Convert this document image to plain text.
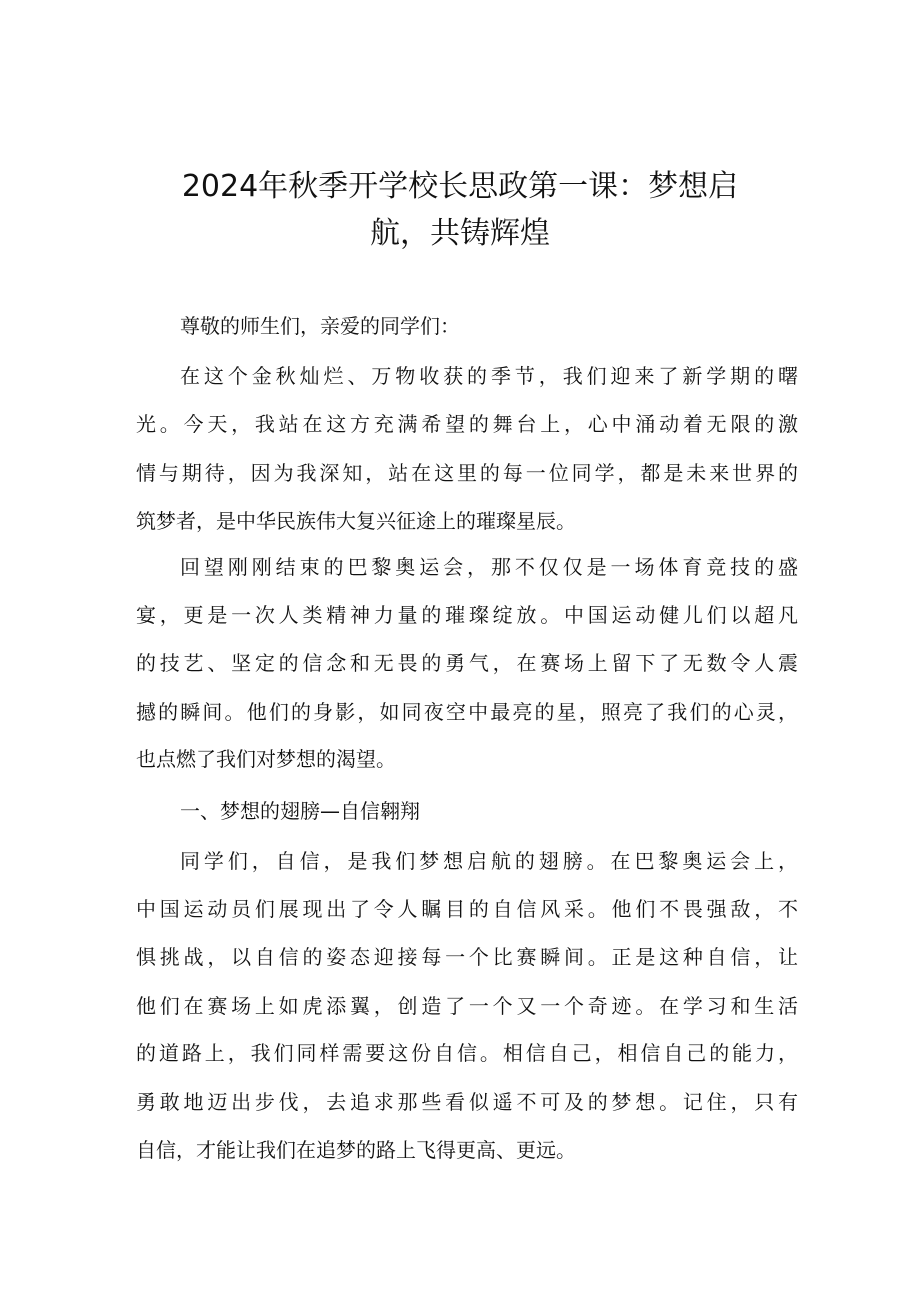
2024年秋季开学校长思政第一课：梦想启
航，共铸辉煌
尊敬的师生们，亲爱的同学们：
在这个金秋灿烂、万物收获的季节，我们迎来了新学期的曙
光。今天，我站在这方充满希望的舞台上，心中涌动着无限的激
情与期待，因为我深知，站在这里的每一位同学，都是未来世界的
筑梦者，是中华民族伟大复兴征途上的璀璨星辰。
回望刚刚结束的巴黎奥运会，那不仅仅是一场体育竞技的盛
宴，更是一次人类精神力量的璀璨绽放。中国运动健儿们以超凡
的技艺、坚定的信念和无畏的勇气，在赛场上留下了无数令人震
撼的瞬间。他们的身影，如同夜空中最亮的星，照亮了我们的心灵，
也点燃了我们对梦想的渴望。
一、梦想的翅膀—自信翱翔
同学们，自信，是我们梦想启航的翅膀。在巴黎奥运会上，
中国运动员们展现出了令人瞩目的自信风采。他们不畏强敌，不
惧挑战，以自信的姿态迎接每一个比赛瞬间。正是这种自信，让
他们在赛场上如虎添翼，创造了一个又一个奇迹。在学习和生活
的道路上，我们同样需要这份自信。相信自己，相信自己的能力，
勇敢地迈出步伐，去追求那些看似遥不可及的梦想。记住，只有
自信，才能让我们在追梦的路上飞得更高、更远。
